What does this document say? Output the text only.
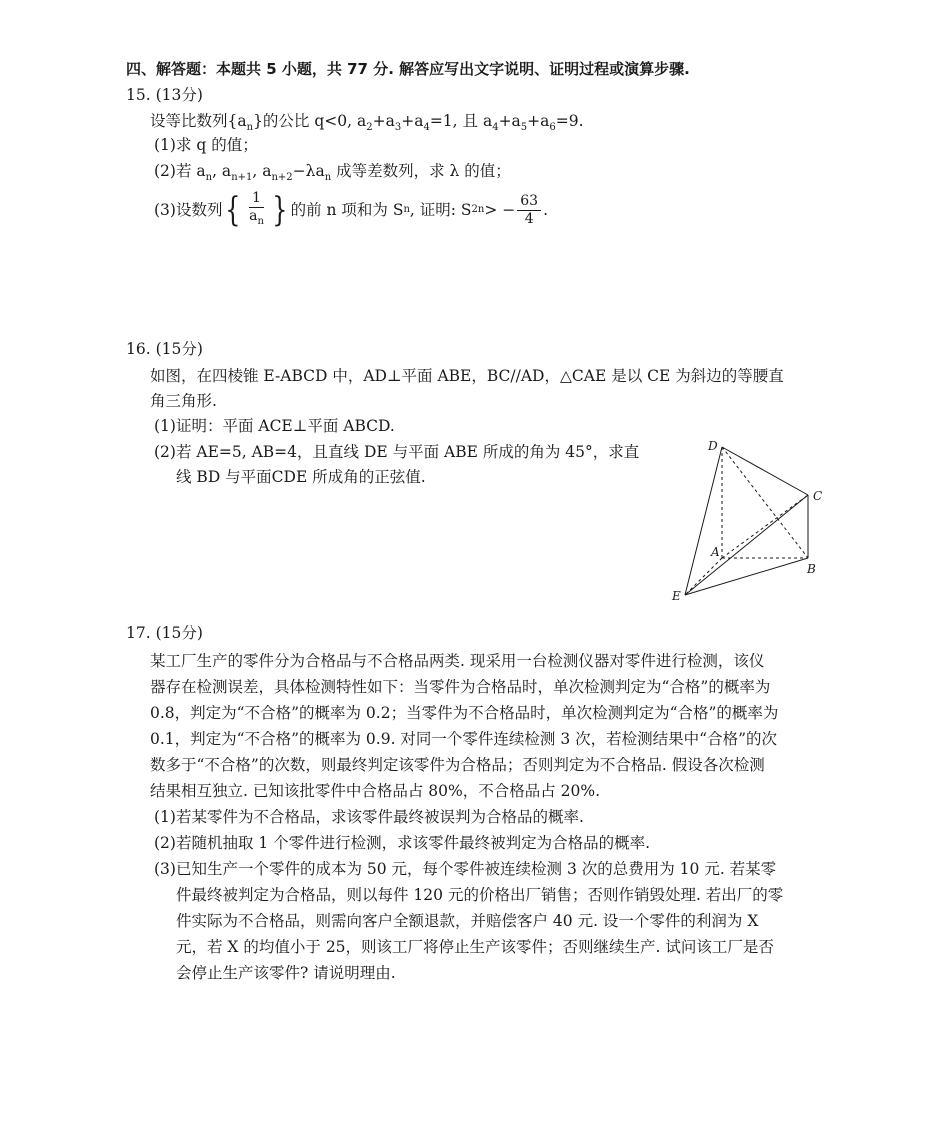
四、解答题：本题共 5 小题，共 77 分. 解答应写出文字说明、证明过程或演算步骤.
15. (13分)
设等比数列$\{a_n\}$的公比 q<0, $a_2+a_3+a_4=1$, 且 $a_4+a_5+a_6=9$.
(1)求 q 的值；
(2)若 $a_n$, $a_{n+1}$, $a_{n+2}-\lambda a_n$ 成等差数列，求 λ 的值；
(3)设数列 { $\frac{1}{a_n}$ } 的前 n 项和为 S n , 证明: S 2n > − $\frac{63}{4}$ .
16. (15分)
如图，在四棱锥 E-ABCD 中，AD⊥平面 ABE，BC//AD，△CAE 是以 CE 为斜边的等腰直
角三角形.
(1)证明：平面 ACE⊥平面 ABCD.
(2)若 AE=5, AB=4，且直线 DE 与平面 ABE 所成的角为 45°，求直
线 BD 与平面CDE 所成角的正弦值.
D
C
A
B
E
17. (15分)
某工厂生产的零件分为合格品与不合格品两类. 现采用一台检测仪器对零件进行检测，该仪
器存在检测误差，具体检测特性如下：当零件为合格品时，单次检测判定为“合格”的概率为
0.8，判定为“不合格”的概率为 0.2；当零件为不合格品时，单次检测判定为“合格”的概率为
0.1，判定为“不合格”的概率为 0.9. 对同一个零件连续检测 3 次，若检测结果中“合格”的次
数多于“不合格”的次数，则最终判定该零件为合格品；否则判定为不合格品. 假设各次检测
结果相互独立. 已知该批零件中合格品占 80%，不合格品占 20%.
(1)若某零件为不合格品，求该零件最终被误判为合格品的概率.
(2)若随机抽取 1 个零件进行检测，求该零件最终被判定为合格品的概率.
(3)已知生产一个零件的成本为 50 元，每个零件被连续检测 3 次的总费用为 10 元. 若某零
件最终被判定为合格品，则以每件 120 元的价格出厂销售；否则作销毁处理. 若出厂的零
件实际为不合格品，则需向客户全额退款，并赔偿客户 40 元. 设一个零件的利润为 X
元，若 X 的均值小于 25，则该工厂将停止生产该零件；否则继续生产. 试问该工厂是否
会停止生产该零件? 请说明理由.
